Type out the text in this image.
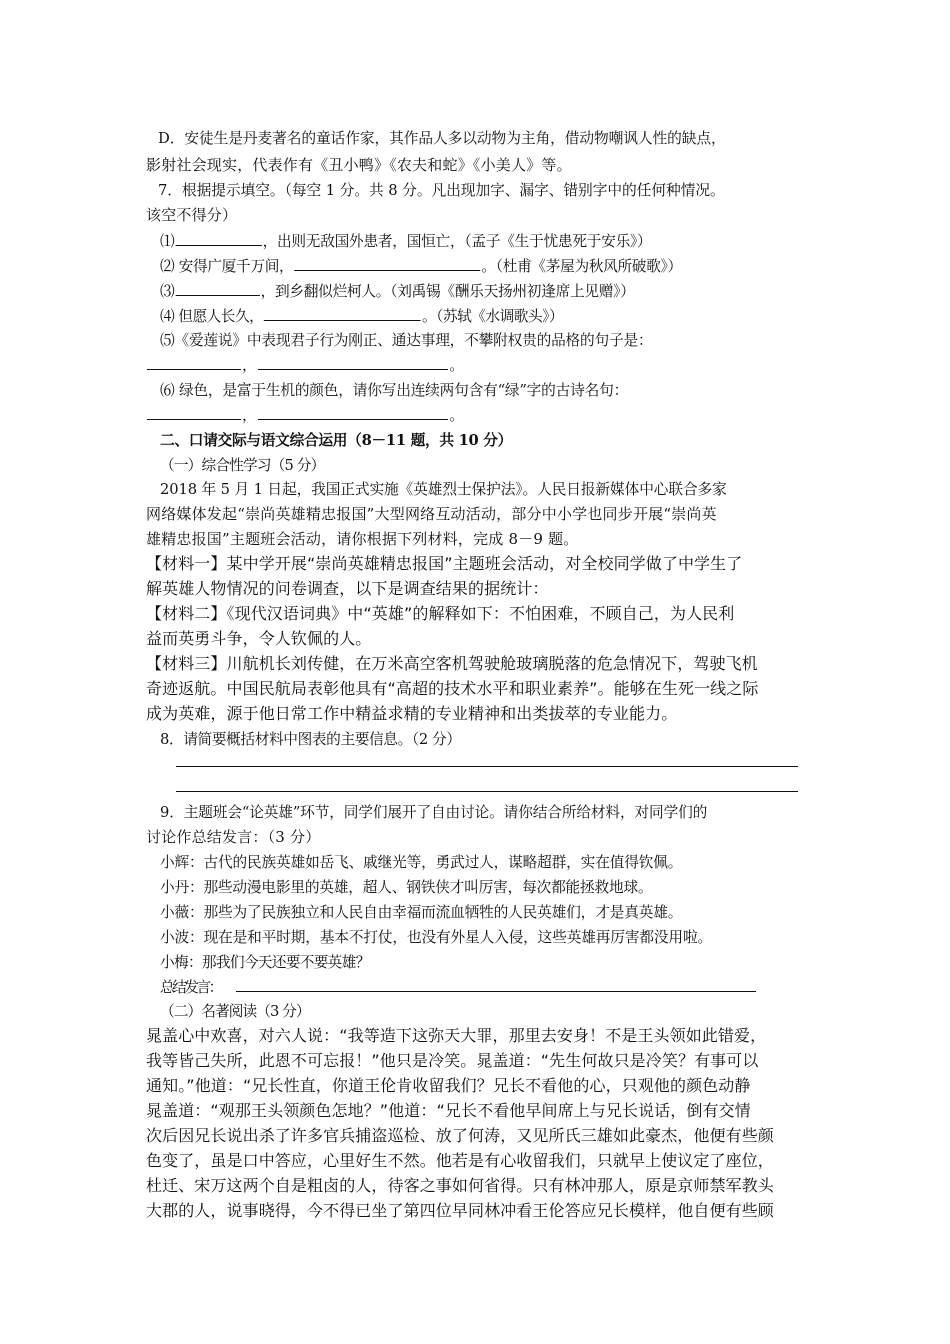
D．安徒生是丹麦著名的童话作家，其作品人多以动物为主角，借动物嘲讽人性的缺点，
影射社会现实，代表作有《丑小鸭》《农夫和蛇》《小美人》等。
7．根据提示填空。（每空 1 分。共 8 分。凡出现加字、漏字、错别字中的任何种情况。
该空不得分）
⑴	，出则无敌国外患者，国恒亡，（孟子《生于忧患死于安乐》）
⑵ 安得广厦千万间，	。（杜甫《茅屋为秋风所破歌》）
⑶	，到乡翻似烂柯人。（刘禹锡《酬乐天扬州初逢席上见赠》）
⑷ 但愿人长久，	。（苏轼《水调歌头》）
⑸《爱莲说》中表现君子行为刚正、通达事理，不攀附权贵的品格的句子是：
，	。
⑹ 绿色，是富于生机的颜色，请你写出连续两句含有“绿”字的古诗名句：
，	。
二、口请交际与语文综合运用（8－11 题，共 10 分）
（一）综合性学习（5 分）
2018 年 5 月 1 日起，我国正式实施《英雄烈士保护法》。人民日报新媒体中心联合多家
网络媒体发起“崇尚英雄精忠报国”大型网络互动活动，部分中小学也同步开展“崇尚英
雄精忠报国”主题班会活动，请你根据下列材料，完成 8－9 题。
【材料一】某中学开展“崇尚英雄精忠报国”主题班会活动，对全校同学做了中学生了
解英雄人物情况的问卷调查，以下是调查结果的据统计：
【材料二】《现代汉语词典》中“英雄”的解释如下：不怕困难，不顾自己，为人民利
益而英勇斗争，令人钦佩的人。
【材料三】川航机长刘传健，在万米高空客机驾驶舱玻璃脱落的危急情况下，驾驶飞机
奇迹返航。中国民航局表彰他具有“高超的技术水平和职业素养”。能够在生死一线之际
成为英难，源于他日常工作中精益求精的专业精神和出类拔萃的专业能力。
8．请简要概括材料中图表的主要信息。（2 分）
9．主题班会“论英雄”环节，同学们展开了自由讨论。请你结合所给材料，对同学们的
讨论作总结发言：（3 分）
小辉：古代的民族英雄如岳飞、戚继光等，勇武过人，谋略超群，实在值得钦佩。
小丹：那些动漫电影里的英雄，超人、钢铁侠才叫厉害，每次都能拯救地球。
小薇：那些为了民族独立和人民自由幸福而流血牺牲的人民英雄们，才是真英雄。
小波：现在是和平时期，基本不打仗，也没有外星人入侵，这些英雄再厉害都没用啦。
小梅：那我们今天还要不要英雄？
总结发言：
（二）名著阅读（3 分）
晁盖心中欢喜，对六人说：“我等造下这弥天大罪，那里去安身！不是王头领如此错爱，
我等皆己失所，此恩不可忘报！”他只是冷笑。晁盖道：“先生何故只是冷笑？有事可以
通知。”他道：“兄长性直，你道王伦肯收留我们？兄长不看他的心，只观他的颜色动静
晁盖道：“观那王头领颜色怎地？”他道：“兄长不看他早间席上与兄长说话，倒有交情
次后因兄长说出杀了许多官兵捕盗巡检、放了何涛，又见所氏三雄如此豪杰，他便有些颜
色变了，虽是口中答应，心里好生不然。他若是有心收留我们，只就早上使议定了座位，
杜迁、宋万这两个自是粗卤的人，待客之事如何省得。只有林冲那人，原是京师禁军教头
大郡的人，说事晓得，今不得已坐了第四位早同林冲看王伦答应兄长模样，他自便有些顾
